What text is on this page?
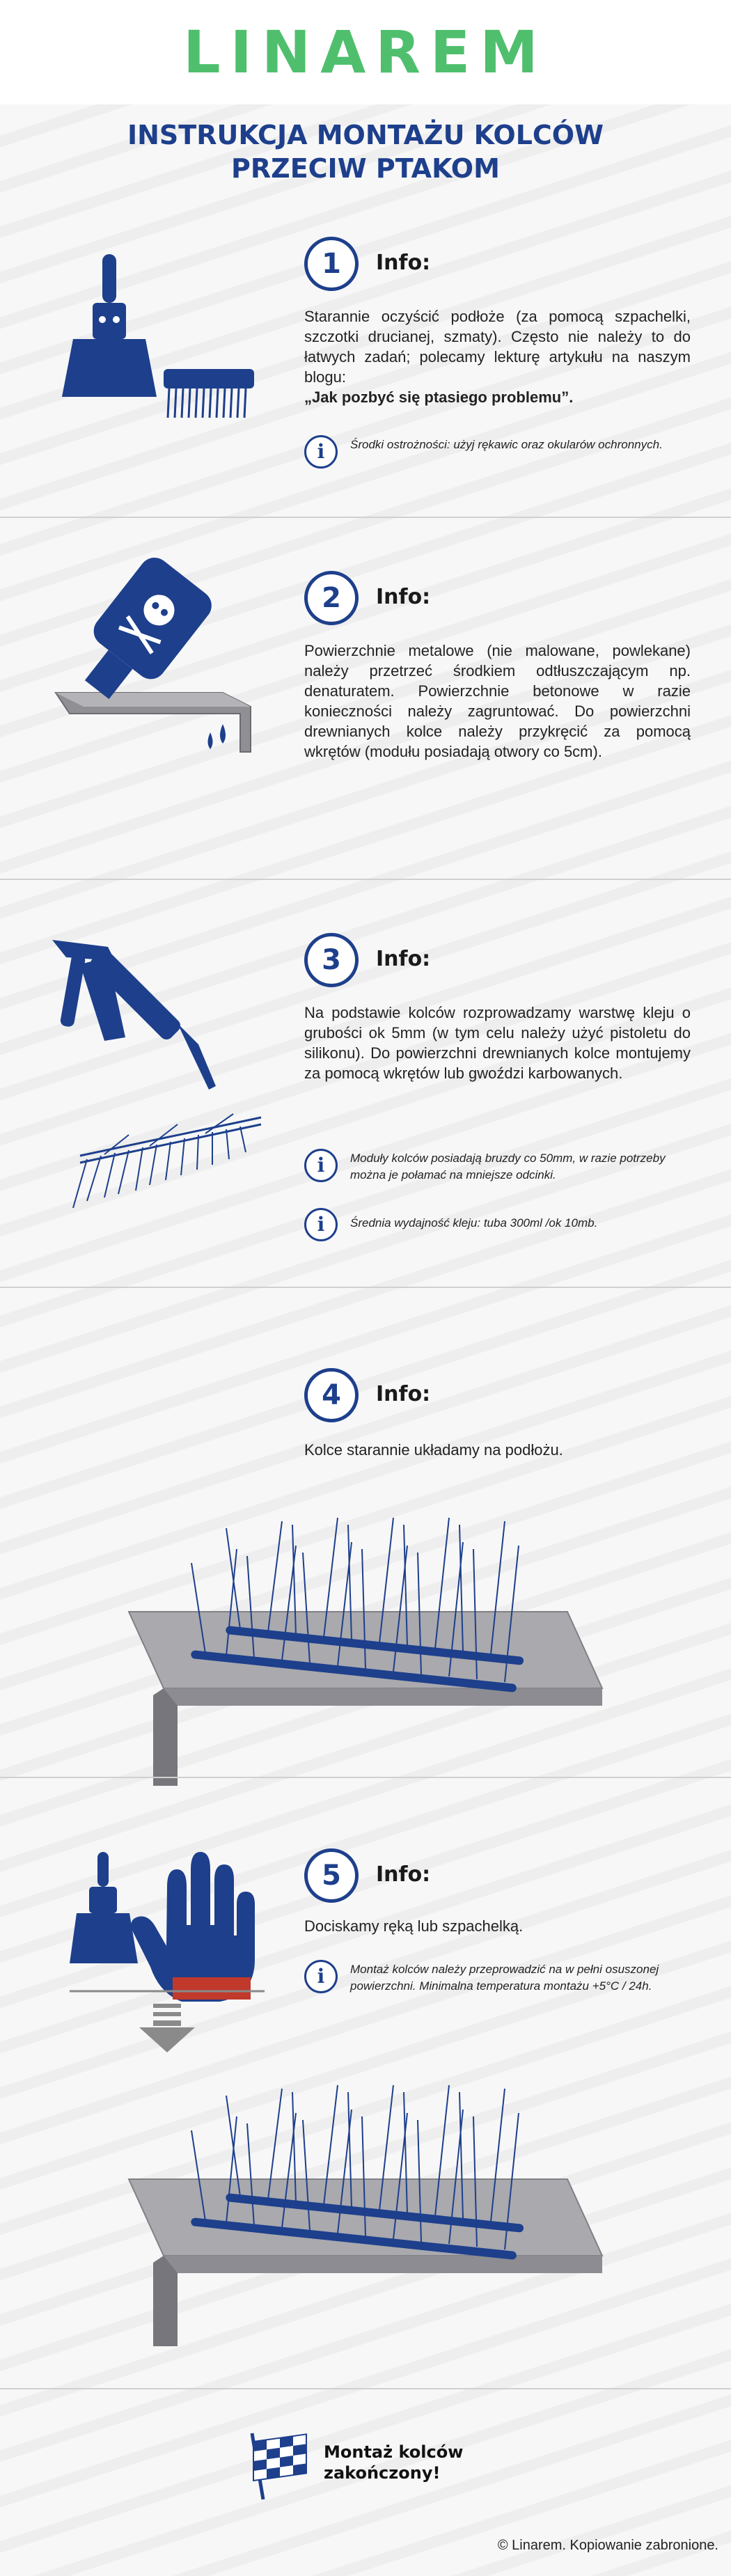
LINAREM
INSTRUKCJA MONTAŻU KOLCÓW
PRZECIW PTAKOM
1	Info:
Starannie oczyścić podłoże (za pomocą szpachelki, szczotki drucianej, szmaty). Często nie należy to do łatwych zadań; polecamy lekturę artykułu na naszym blogu:
„Jak pozbyć się ptasiego problemu”.
i	Środki ostrożności: użyj rękawic oraz okularów ochronnych.
2	Info:
Powierzchnie metalowe (nie malowane, powlekane) należy przetrzeć środkiem odtłuszczającym np. denaturatem. Powierzchnie betonowe w razie konieczności należy zagruntować. Do powierzchni drewnianych kolce należy przykręcić za pomocą wkrętów (modułu posiadają otwory co 5cm).
3	Info:
Na podstawie kolców rozprowadzamy warstwę kleju o grubości ok 5mm (w tym celu należy użyć pistoletu do silikonu). Do powierzchni drewnianych kolce montujemy za pomocą wkrętów lub gwoździ karbowanych.
i	Moduły kolców posiadają bruzdy co 50mm, w razie potrzeby można je połamać na mniejsze odcinki.
i	Średnia wydajność kleju: tuba 300ml /ok 10mb.
4	Info:
Kolce starannie układamy na podłożu.
5	Info:
Dociskamy ręką lub szpachelką.
i	Montaż kolców należy przeprowadzić na w pełni osuszonej powierzchni. Minimalna temperatura montażu +5°C / 24h.
Montaż kolców
zakończony!
© Linarem. Kopiowanie zabronione.
